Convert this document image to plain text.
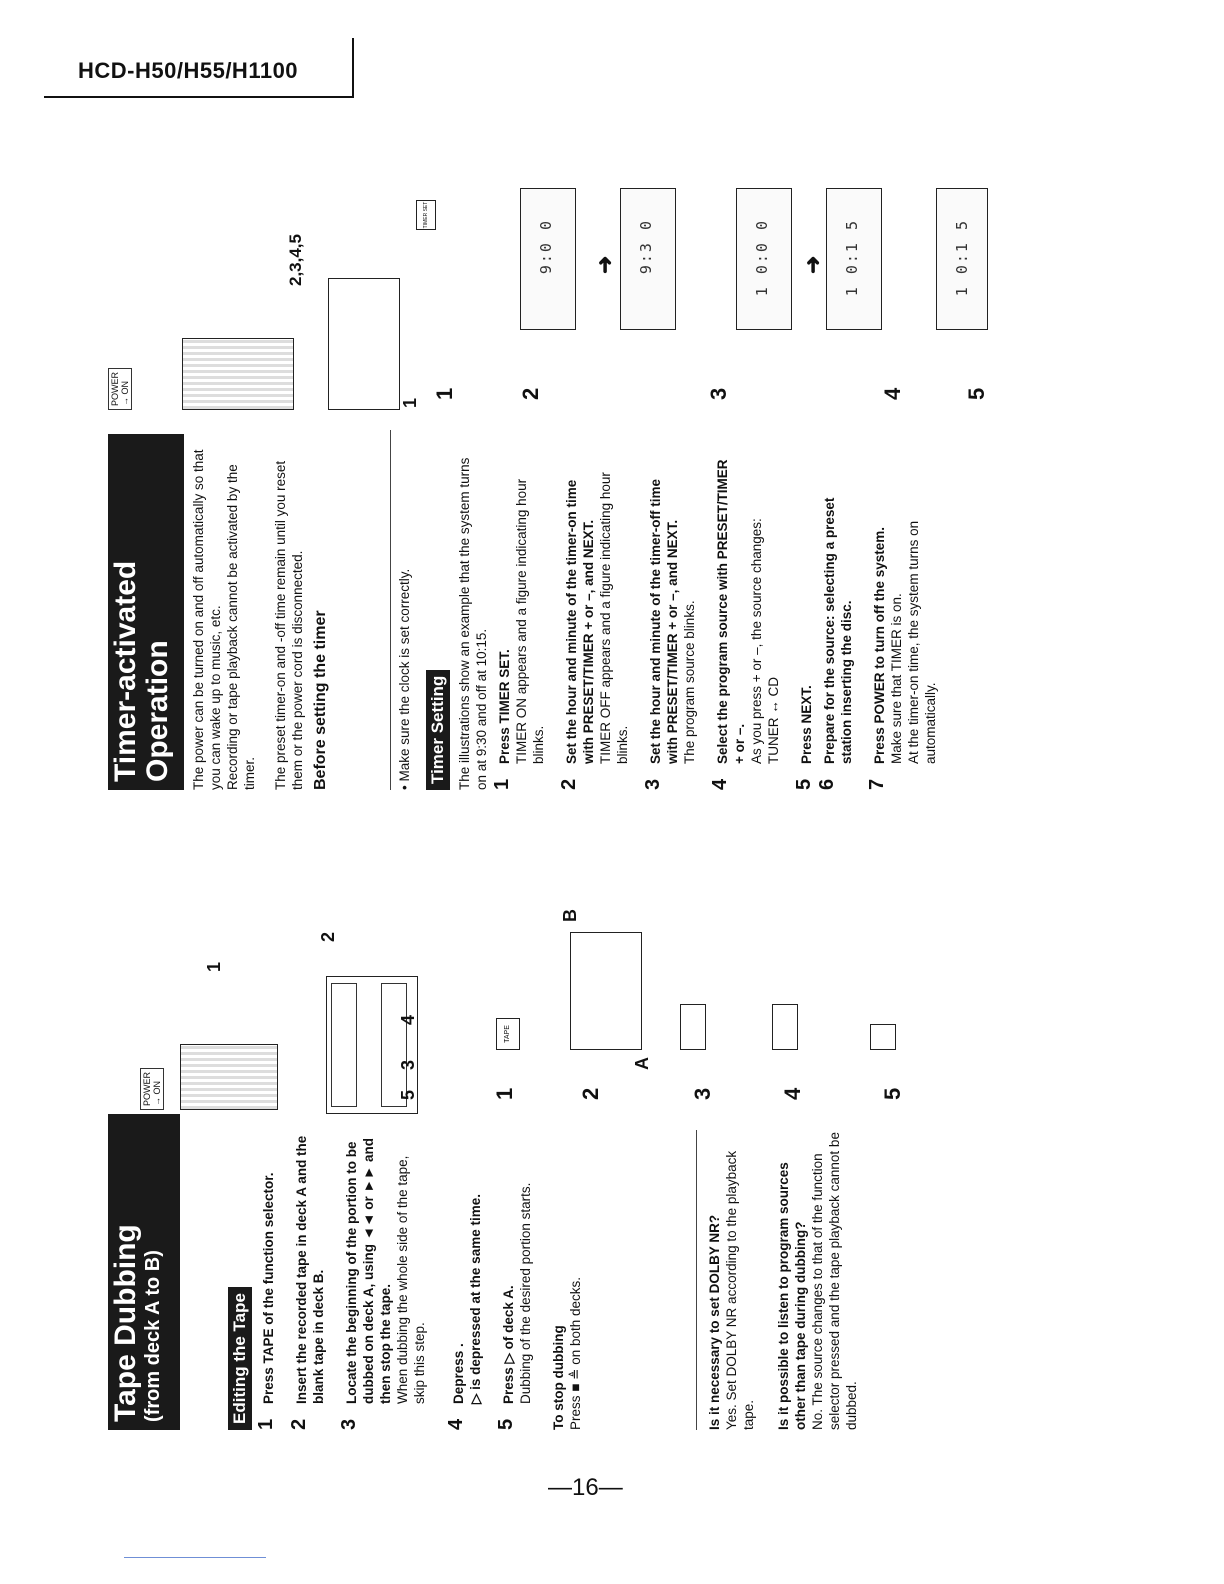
HCD-H50/H55/H1100
Tape Dubbing (from deck A to B)	Editing the Tape
1
Press TAPE of the function selector.
2
Insert the recorded tape in deck A and the blank tape in deck B.
3
Locate the beginning of the portion to be dubbed on deck A, using ◄◄ or ►► and then stop the tape. When dubbing the whole side of the tape, skip this step.
4
Depress .
▷ is depressed at the same time.
5
Press ▷ of deck A. Dubbing of the desired portion starts. To stop dubbing Press ■ ≜ on both decks.	Is it necessary to set DOLBY NR? Yes. Set DOLBY NR according to the playback tape. Is it possible to listen to program sources other than tape during dubbing? No. The source changes to that of the function selector pressed and the tape playback cannot be dubbed.
POWER
→ ON
1
5
3
4
2
1	2	3	4	5
TAPE
A
B
Timer-activated Operation The power can be turned on and off automatically so that you can wake up to music, etc. Recording or tape playback cannot be activated by the timer. The preset timer-on and -off time remain until you reset them or the power cord is disconnected. Before setting the timer	• Make sure the clock is set correctly. Timer Setting The illustrations show an example that the system turns on at 9:30 and off at 10:15. 1
Press TIMER SET. TIMER ON appears and a figure indicating hour blinks.
2
Set the hour and minute of the timer-on time with PRESET/TIMER + or –, and NEXT. TIMER OFF appears and a figure indicating hour blinks.
3
Set the hour and minute of the timer-off time with PRESET/TIMER + or –, and NEXT. The program source blinks.
4
Select the program source with PRESET/TIMER + or –. As you press + or –, the source changes:
TUNER ↔ CD
5
Press NEXT.
6
Prepare for the source: selecting a preset station inserting the disc.
7
Press POWER to turn off the system. Make sure that TIMER is on.
At the timer-on time, the system turns on automatically.
POWER
→ ON
2,3,4,5
1
1
TIMER SET
2
9:0 0 ➜ 9:3 0
3
1 0:0 0 ➜ 1 0:1 5
4
1 0:1 5
5
—16—
